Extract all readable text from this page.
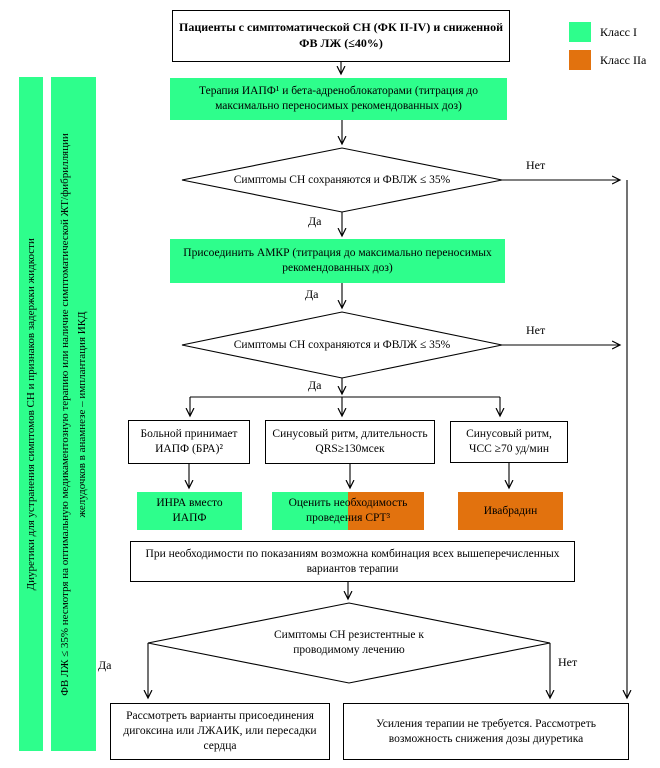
Класс I
Класс IIa
Диуретики для устранения симптомов СН и признаков задержки жидкости ФВ ЛЖ ≤ 35% несмотря на оптимальную медикаментозную терапию или наличие симптоматической ЖТ/фибрилляции желудочков в анамнезе – имплантация ИКД
Пациенты с симптоматической СН (ФК II-IV) и сниженной ФВ ЛЖ (≤40%)
Терапия ИАПФ¹ и бета-адреноблокаторами (титрация до максимально переносимых рекомендованных доз)
Симптомы СН сохраняются и ФВЛЖ ≤ 35%
Да
Нет
Присоединить АМКР (титрация до максимально переносимых рекомендованных доз)
Да
Симптомы СН сохраняются и ФВЛЖ ≤ 35%
Нет
Да
Больной принимает ИАПФ (БРА)²
Синусовый ритм, длительность QRS≥130мсек
Синусовый ритм, ЧСС ≥70 уд/мин
ИНРА вместо ИАПФ
Оценить необходимость проведения СРТ³
Ивабрадин
При необходимости по показаниям возможна комбинация всех вышеперечисленных вариантов терапии
Симптомы СН резистентные к проводимому лечению
Да	Нет
Рассмотреть варианты присоединения дигоксина или ЛЖАИК, или пересадки сердца
Усиления терапии не требуется. Рассмотреть возможность снижения дозы диуретика
